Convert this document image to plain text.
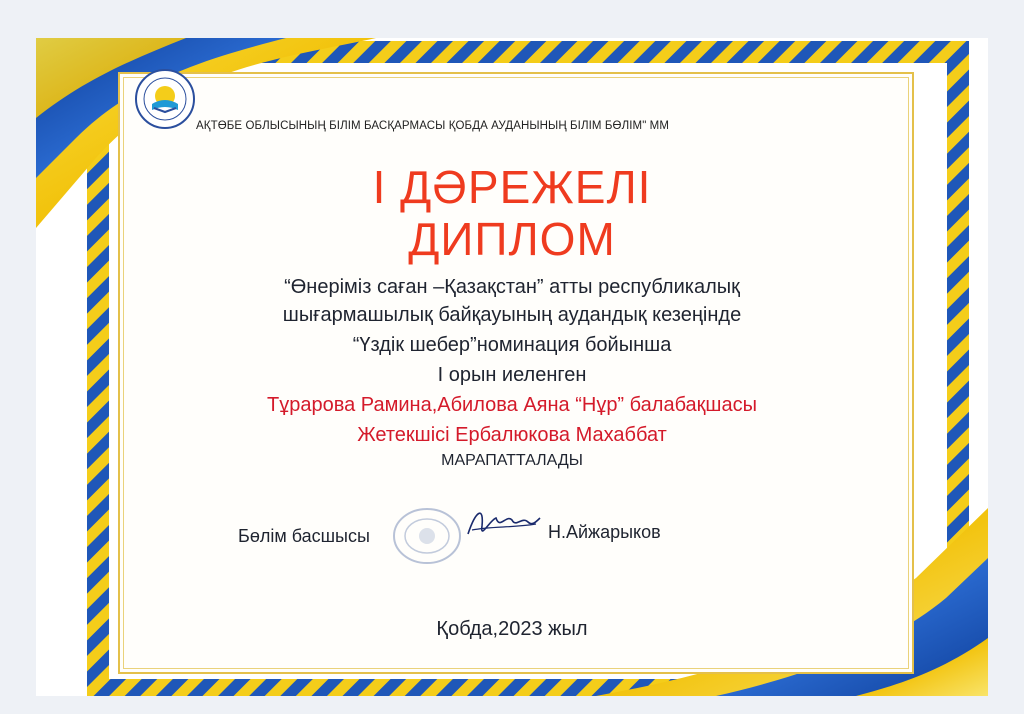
АҚТӨБЕ ОБЛЫСЫНЫҢ БІЛІМ БАСҚАРМАСЫ ҚОБДА АУДАНЫНЫҢ БІЛІМ БӨЛІМ" ММ
І ДӘРЕЖЕЛІ
ДИПЛОМ
“Өнеріміз саған –Қазақстан” атты республикалық
шығармашылық байқауының аудандық кезеңінде
“Үздік шебер”номинация бойынша
І орын иеленген
Тұрарова Рамина,Абилова Аяна “Нұр” балабақшасы
Жетекшісі Ербалюкова Махаббат
МАРАПАТТАЛАДЫ
Бөлім басшысы	Н.Айжарыков
Қобда,2023 жыл
